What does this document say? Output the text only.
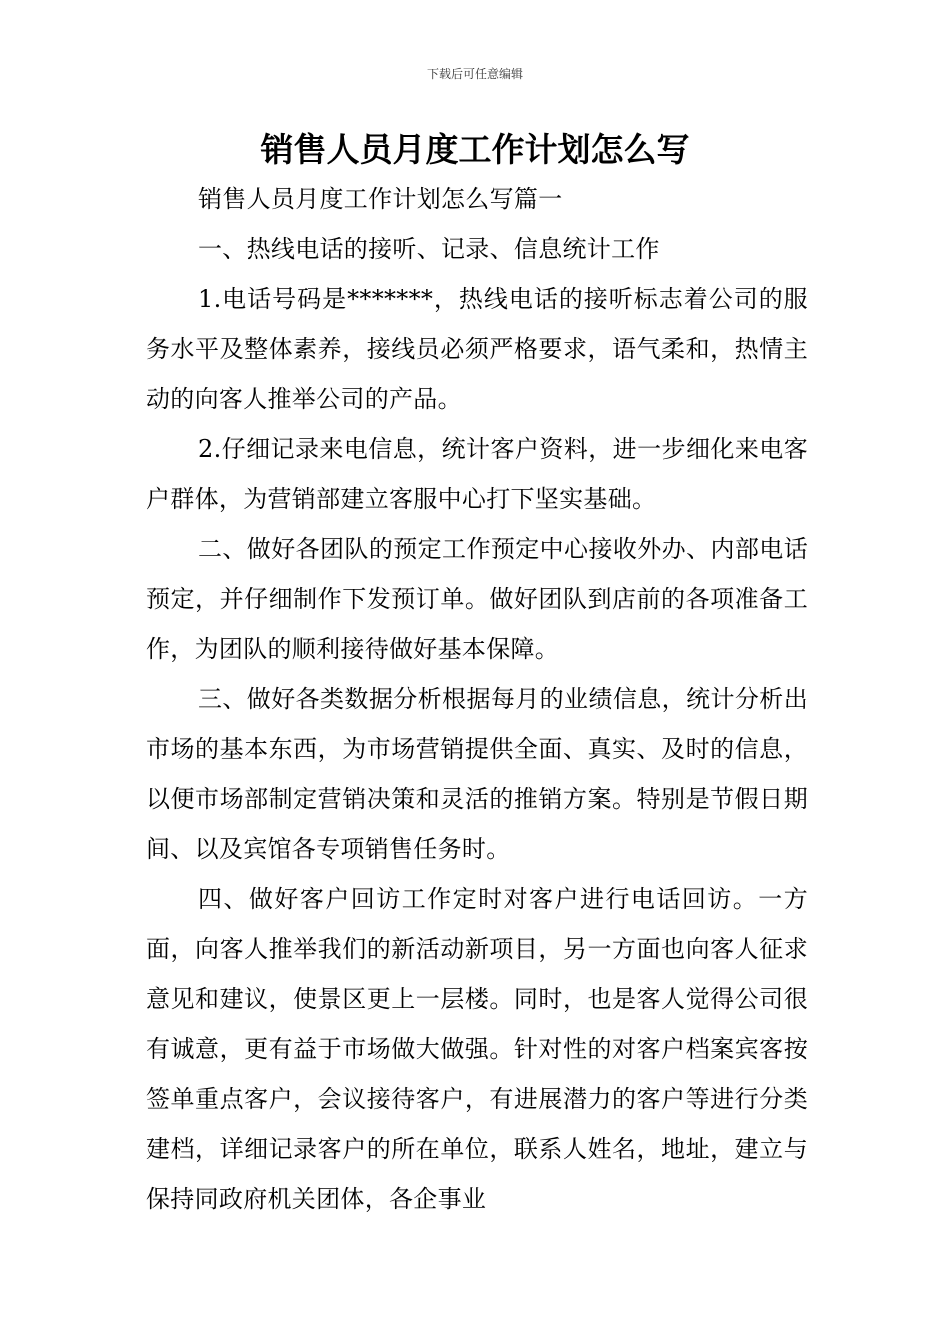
下载后可任意编辑
销售人员月度工作计划怎么写

销售人员月度工作计划怎么写篇一

一、热线电话的接听、记录、信息统计工作

1.电话号码是*******，热线电话的接听标志着公司的服务水平及整体素养，接线员必须严格要求，语气柔和，热情主动的向客人推举公司的产品。

2.仔细记录来电信息，统计客户资料，进一步细化来电客户群体，为营销部建立客服中心打下坚实基础。

二、做好各团队的预定工作预定中心接收外办、内部电话预定，并仔细制作下发预订单。做好团队到店前的各项准备工作，为团队的顺利接待做好基本保障。

三、做好各类数据分析根据每月的业绩信息，统计分析出市场的基本东西，为市场营销提供全面、真实、及时的信息，以便市场部制定营销决策和灵活的推销方案。特别是节假日期间、以及宾馆各专项销售任务时。

四、做好客户回访工作定时对客户进行电话回访。一方面，向客人推举我们的新活动新项目，另一方面也向客人征求意见和建议，使景区更上一层楼。同时，也是客人觉得公司很有诚意，更有益于市场做大做强。针对性的对客户档案宾客按签单重点客户，会议接待客户，有进展潜力的客户等进行分类建档，详细记录客户的所在单位，联系人姓名，地址，建立与保持同政府机关团体，各企事业
